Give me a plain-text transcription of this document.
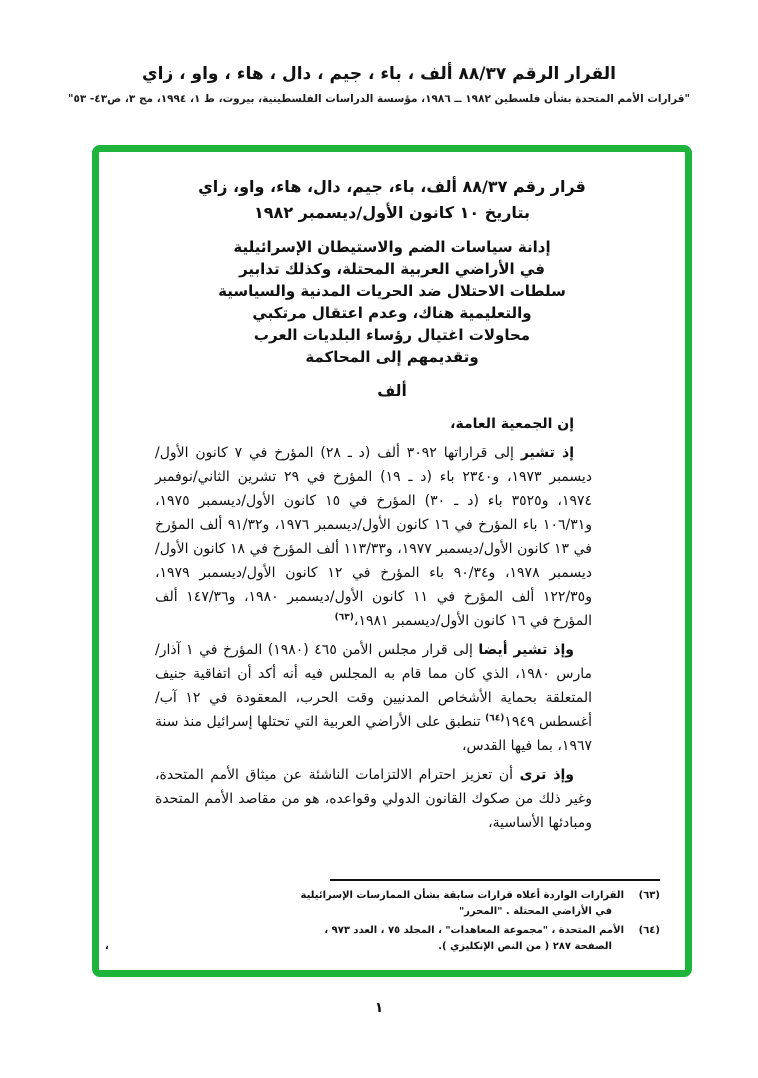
القرار الرقم ٨٨/٣٧ ألف ، باء ، جيم ، دال ، هاء ، واو ، زاي
"قرارات الأمم المتحدة بشأن فلسطين ١٩٨٢ ــ ١٩٨٦، مؤسسة الدراسات الفلسطينية، بيروت، ط ١، ١٩٩٤، مج ٣، ص٤٣- ٥٣"
قرار رقم ٨٨/٣٧ ألف، باء، جيم، دال، هاء، واو، زاي
بتاريخ ١٠ كانون الأول/ديسمبر ١٩٨٢
إدانة سياسات الضم والاستيطان الإسرائيلية
في الأراضي العربية المحتلة، وكذلك تدابير
سلطات الاحتلال ضد الحريات المدنية والسياسية
والتعليمية هناك، وعدم اعتقال مرتكبي
محاولات اغتيال رؤساء البلديات العرب
وتقديمهم إلى المحاكمة
ألف

إن الجمعية العامة،

إذ تشير إلى قراراتها ٣٠٩٢ ألف (د ـ ٢٨) المؤرخ في ٧ كانون الأول/ديسمبر ١٩٧٣، و٢٣٤٠ باء (د ـ ١٩) المؤرخ في ٢٩ تشرين الثاني/نوفمبر ١٩٧٤، و٣٥٢٥ باء (د ـ ٣٠) المؤرخ في ١٥ كانون الأول/ديسمبر ١٩٧٥، و١٠٦/٣١ باء المؤرخ في ١٦ كانون الأول/ديسمبر ١٩٧٦، و٩١/٣٢ ألف المؤرخ في ١٣ كانون الأول/ديسمبر ١٩٧٧، و١١٣/٣٣ ألف المؤرخ في ١٨ كانون الأول/ديسمبر ١٩٧٨، و٩٠/٣٤ باء المؤرخ في ١٢ كانون الأول/ديسمبر ١٩٧٩، و١٢٢/٣٥ ألف المؤرخ في ١١ كانون الأول/ديسمبر ١٩٨٠، و١٤٧/٣٦ ألف المؤرخ في ١٦ كانون الأول/ديسمبر ١٩٨١،$^{(٦٣)}$

وإذ تشير أيضا إلى قرار مجلس الأمن ٤٦٥ (١٩٨٠) المؤرخ في ١ آذار/مارس ١٩٨٠، الذي كان مما قام به المجلس فيه أنه أكد أن اتفاقية جنيف المتعلقة بحماية الأشخاص المدنيين وقت الحرب، المعقودة في ١٢ آب/أغسطس ١٩٤٩$^{(٦٤)}$ تنطبق على الأراضي العربية التي تحتلها إسرائيل منذ سنة ١٩٦٧، بما فيها القدس،

وإذ ترى أن تعزيز احترام الالتزامات الناشئة عن ميثاق الأمم المتحدة، وغير ذلك من صكوك القانون الدولي وقواعده، هو من مقاصد الأمم المتحدة ومبادئها الأساسية،

(٦٣)
القرارات الواردة أعلاه قرارات سابقة بشأن الممارسات الإسرائيلية
في الأراضي المحتلة . "المحرر"
(٦٤)
الأمم المتحدة ، "مجموعة المعاهدات" ، المجلد ٧٥ ، العدد ٩٧٣ ،
الصفحة ٢٨٧ ( من النص الإنكليزي ).
،
١
